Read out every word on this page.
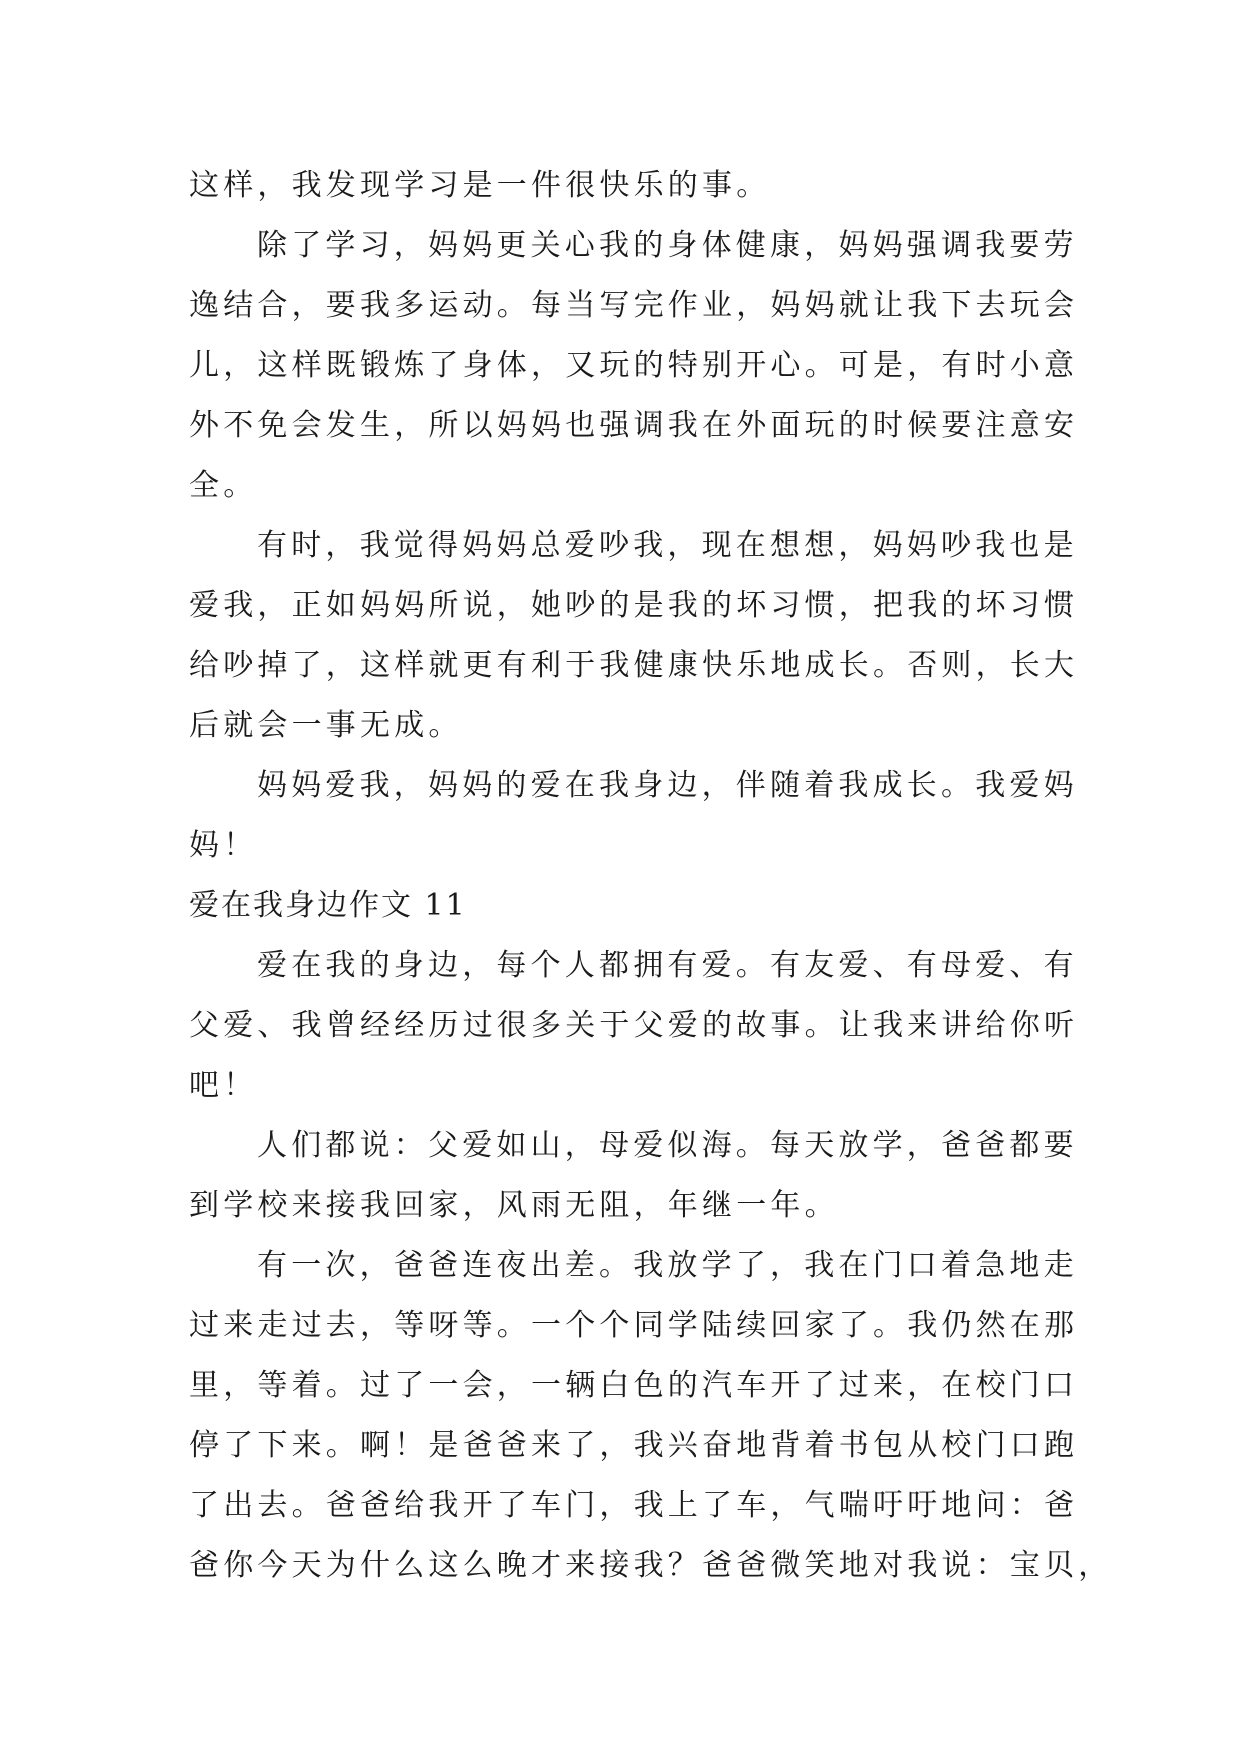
这样，我发现学习是一件很快乐的事。
除了学习，妈妈更关心我的身体健康，妈妈强调我要劳
逸结合，要我多运动。每当写完作业，妈妈就让我下去玩会
儿，这样既锻炼了身体，又玩的特别开心。可是，有时小意
外不免会发生，所以妈妈也强调我在外面玩的时候要注意安
全。
有时，我觉得妈妈总爱吵我，现在想想，妈妈吵我也是
爱我，正如妈妈所说，她吵的是我的坏习惯，把我的坏习惯
给吵掉了，这样就更有利于我健康快乐地成长。否则，长大
后就会一事无成。
妈妈爱我，妈妈的爱在我身边，伴随着我成长。我爱妈
妈！
爱在我身边作文 11
爱在我的身边，每个人都拥有爱。有友爱、有母爱、有
父爱、我曾经经历过很多关于父爱的故事。让我来讲给你听
吧！
人们都说：父爱如山，母爱似海。每天放学，爸爸都要
到学校来接我回家，风雨无阻，年继一年。
有一次，爸爸连夜出差。我放学了，我在门口着急地走
过来走过去，等呀等。一个个同学陆续回家了。我仍然在那
里，等着。过了一会，一辆白色的汽车开了过来，在校门口
停了下来。啊！是爸爸来了，我兴奋地背着书包从校门口跑
了出去。爸爸给我开了车门，我上了车，气喘吁吁地问：爸
爸你今天为什么这么晚才来接我？爸爸微笑地对我说：宝贝，
